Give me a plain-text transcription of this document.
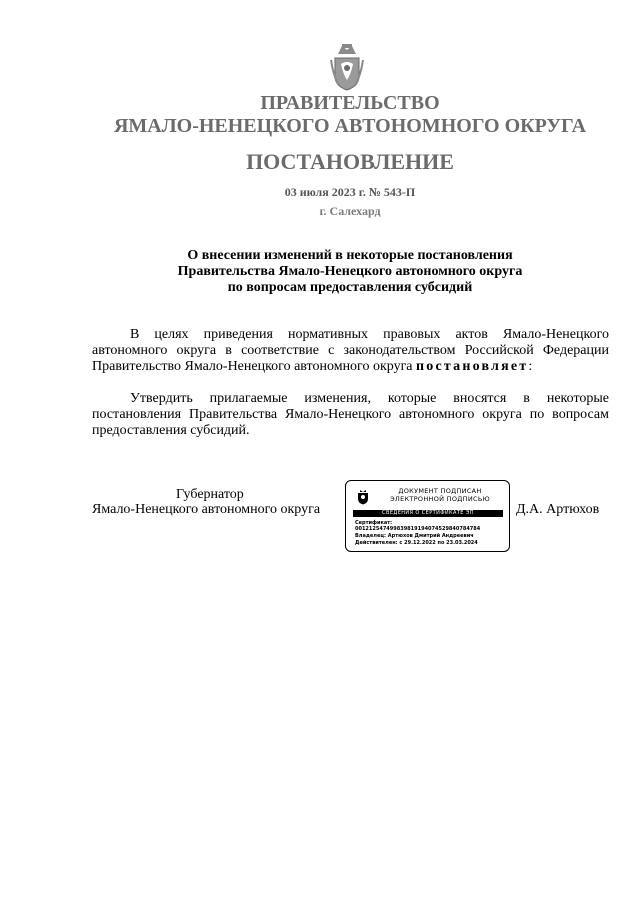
ПРАВИТЕЛЬСТВО
ЯМАЛО-НЕНЕЦКОГО АВТОНОМНОГО ОКРУГА
ПОСТАНОВЛЕНИЕ
03 июля 2023 г. № 543-П
г. Салехард
О внесении изменений в некоторые постановления
Правительства Ямало-Ненецкого автономного округа
по вопросам предоставления субсидий

В целях приведения нормативных правовых актов Ямало-Ненецкого автономного округа в соответствие с законодательством Российской Федерации Правительство Ямало-Ненецкого автономного округа постановляет:

Утвердить прилагаемые изменения, которые вносятся в некоторые постановления Правительства Ямало-Ненецкого автономного округа по вопросам предоставления субсидий.

Губернатор
Ямало-Ненецкого автономного округа	Д.А. Артюхов
ДОКУМЕНТ ПОДПИСАН
ЭЛЕКТРОННОЙ ПОДПИСЬЮ
СВЕДЕНИЯ О СЕРТИФИКАТЕ ЭП
Сертификат:
00121254749983981919407452984078478​4
Владелец: Артюхов Дмитрий Андреевич
Действителен: с 29.12.2022 по 23.03.2024
